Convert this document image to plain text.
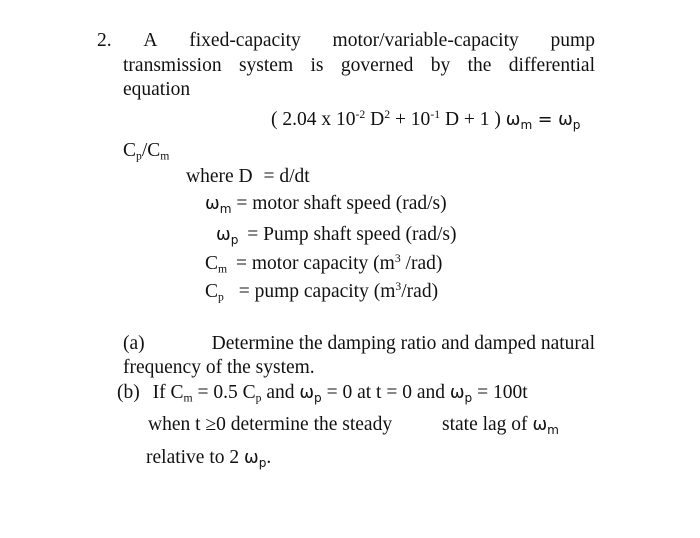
2. A fixed-capacity motor/variable-capacity pump
transmission system is governed by the differential
equation
( 2.04 x $10^{-2}$ $D^2 + 10^{-1}$ D + 1 ) $\omega_m = \omega_p$
$C_p/C_m$
where D = d/dt
$\omega_m$ = motor shaft speed (rad/s)
$\omega_p$ = Pump shaft speed (rad/s)
$C_m$ = motor capacity ($m^3$ /rad)
$C_p$ = pump capacity $(m^3/rad)$
(a)	Determine the damping ratio and damped natural
frequency of the system.
(b) If $C_m = 0.5$ $C_p$ and $\omega_p = 0$ at t = 0 and $\omega_p = 100t$
when t ≥0 determine the steady	state lag of $\omega_m$
relative to 2 $\omega_p$.
